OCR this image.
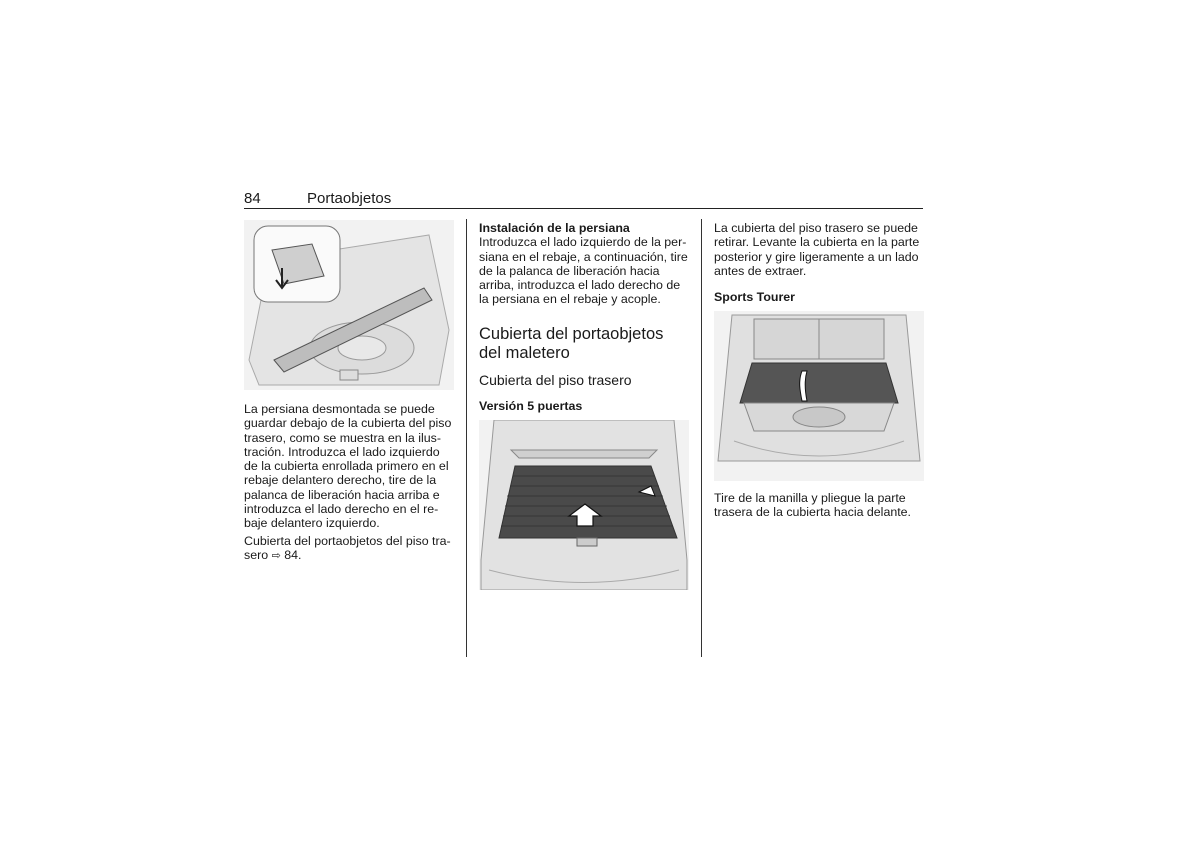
84	Portaobjetos
La persiana desmontada se puede
guardar debajo de la cubierta del piso
trasero, como se muestra en la ilus-
tración. Introduzca el lado izquierdo
de la cubierta enrollada primero en el
rebaje delantero derecho, tire de la
palanca de liberación hacia arriba e
introduzca el lado derecho en el re-
baje delantero izquierdo.
Cubierta del portaobjetos del piso tra-
sero ⇨ 84.
Instalación de la persiana
Introduzca el lado izquierdo de la per-
siana en el rebaje, a continuación, tire
de la palanca de liberación hacia
arriba, introduzca el lado derecho de
la persiana en el rebaje y acople.
Cubierta del portaobjetos
del maletero
Cubierta del piso trasero
Versión 5 puertas
La cubierta del piso trasero se puede
retirar. Levante la cubierta en la parte
posterior y gire ligeramente a un lado
antes de extraer.
Sports Tourer
Tire de la manilla y pliegue la parte
trasera de la cubierta hacia delante.
